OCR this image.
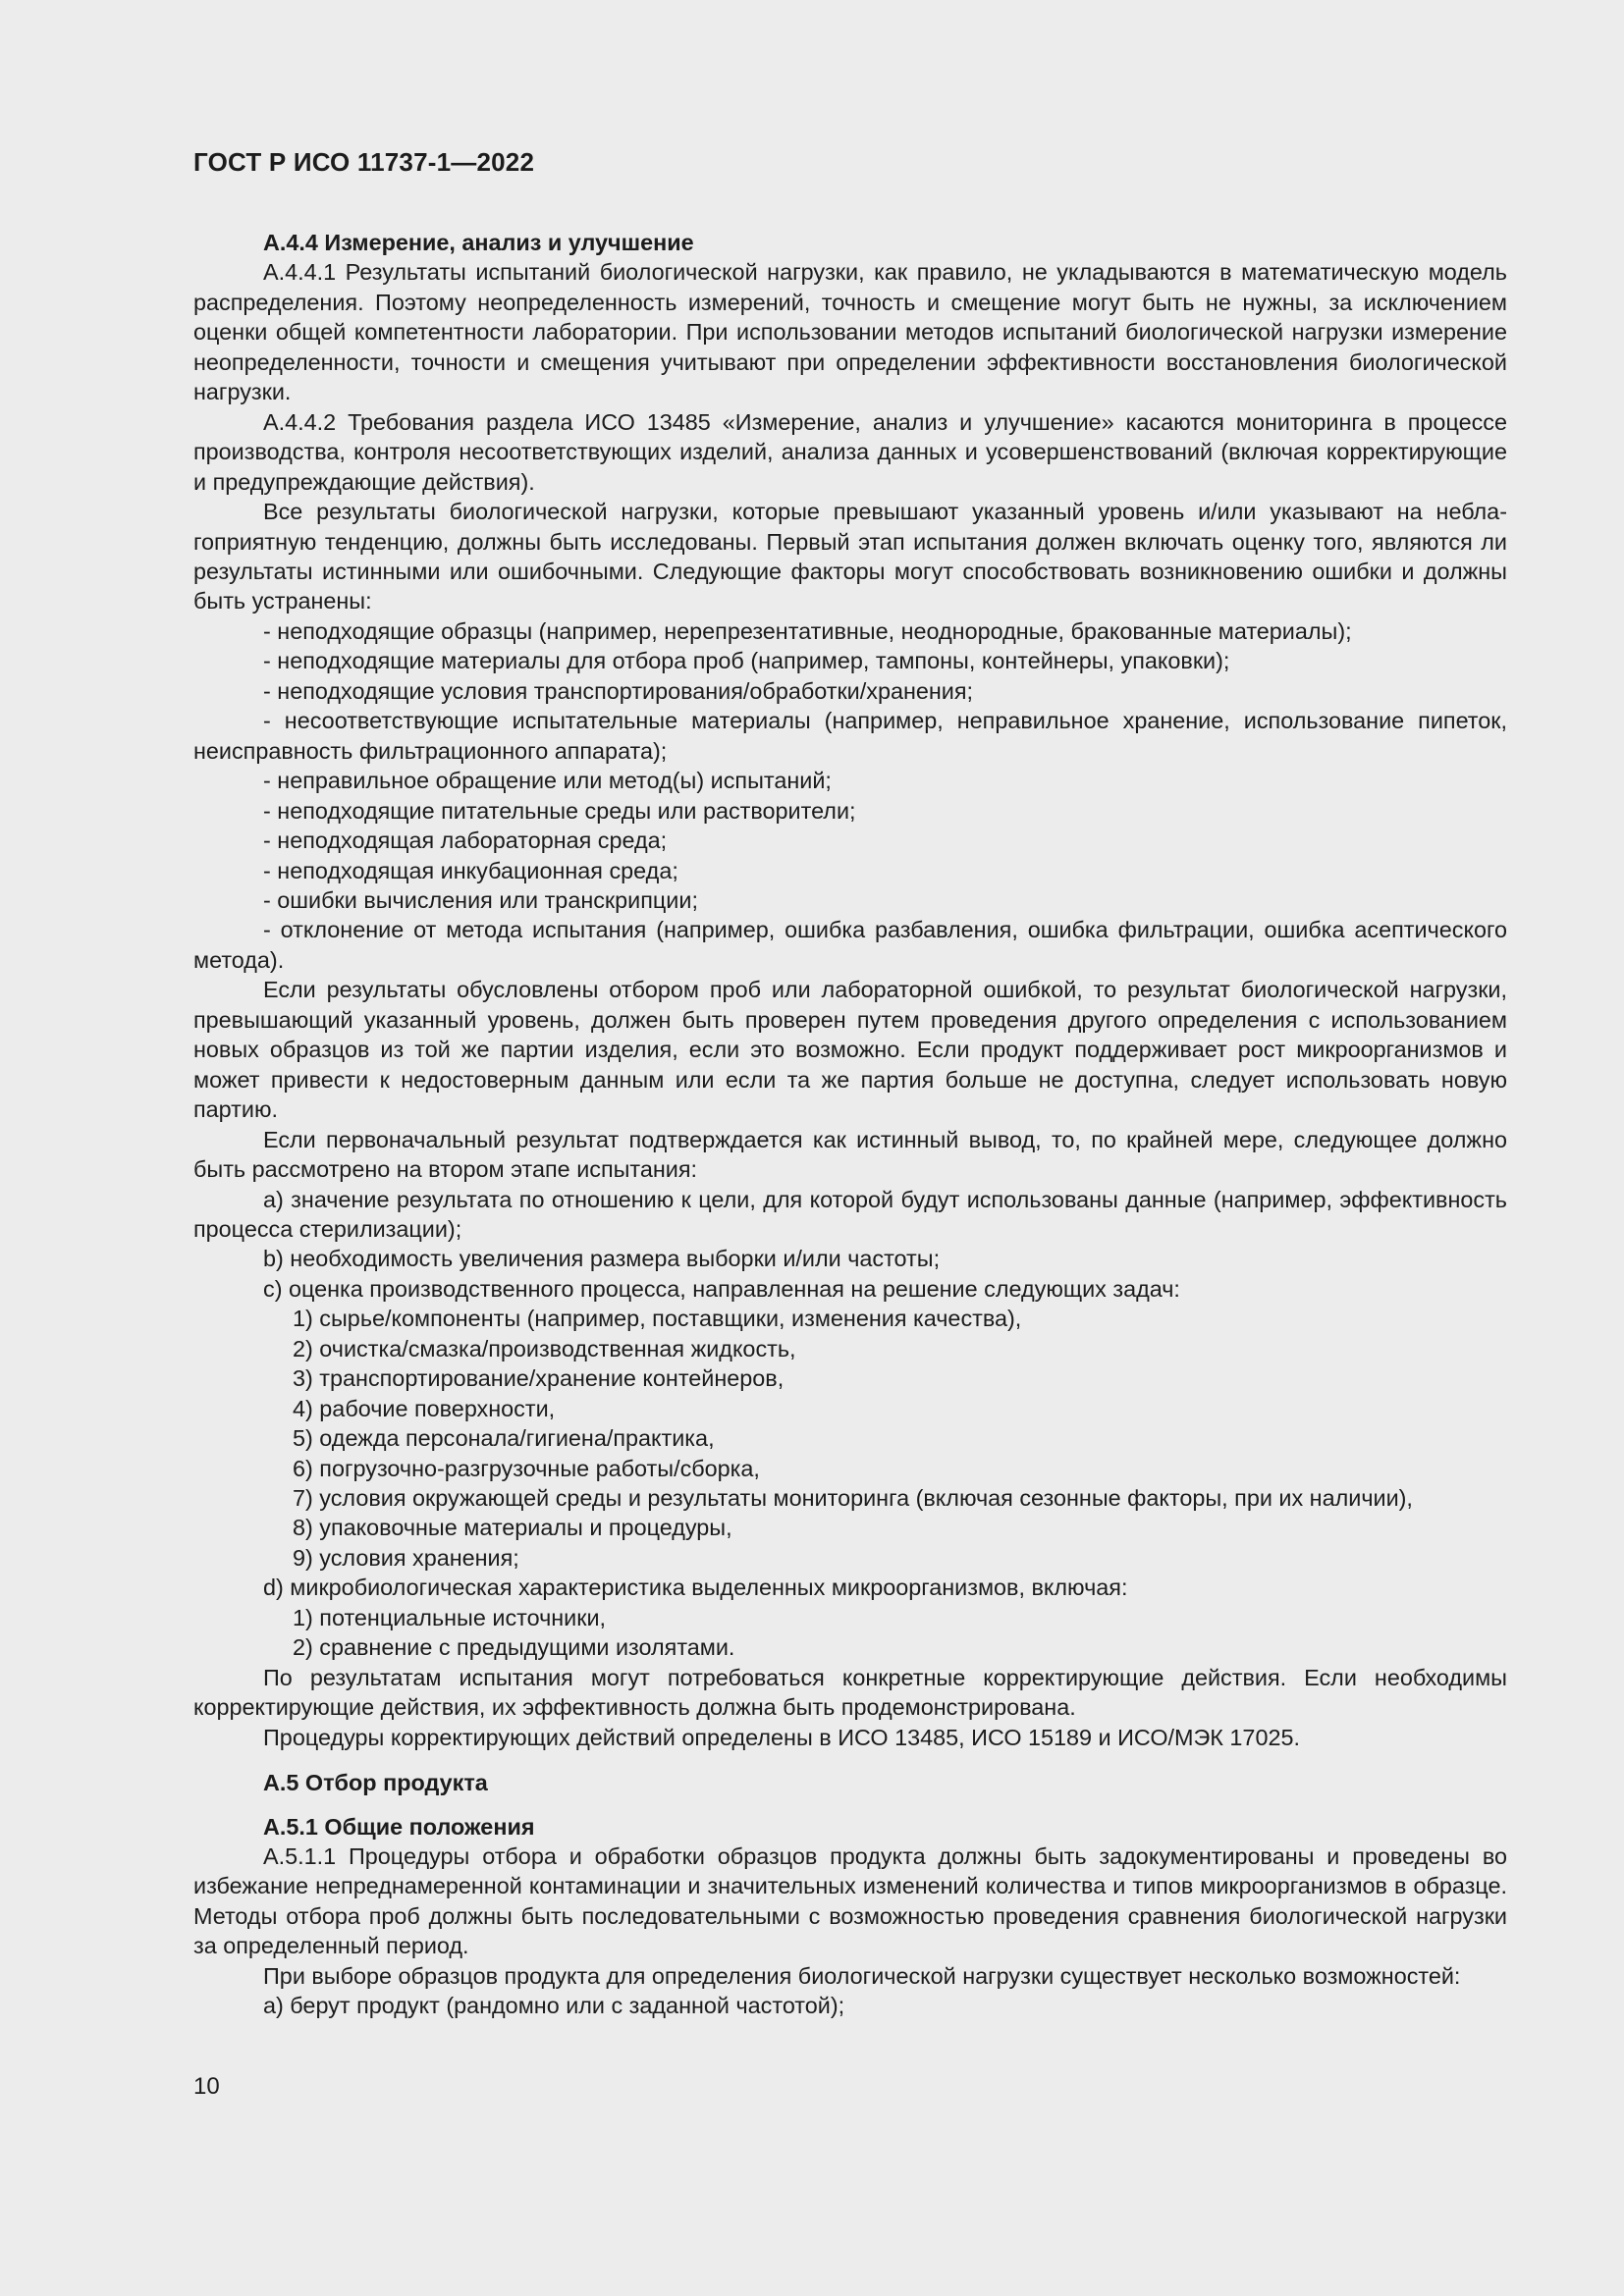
ГОСТ Р ИСО 11737-1—2022

А.4.4 Измерение, анализ и улучшение

А.4.4.1 Результаты испытаний биологической нагрузки, как правило, не укладываются в математическую модель распределения. Поэтому неопределенность измерений, точность и смещение могут быть не нужны, за исключением оценки общей компетентности лаборатории. При использовании методов испытаний биологической нагрузки измерение неопределенности, точности и смещения учитывают при определении эффективности восстановления биологической нагрузки.

А.4.4.2 Требования раздела ИСО 13485 «Измерение, анализ и улучшение» касаются мониторинга в процессе производства, контроля несоответствующих изделий, анализа данных и усовершенствований (включая корректирующие и предупреждающие действия).

Все результаты биологической нагрузки, которые превышают указанный уровень и/или указывают на неблагоприятную тенденцию, должны быть исследованы. Первый этап испытания должен включать оценку того, являются ли результаты истинными или ошибочными. Следующие факторы могут способствовать возникновению ошибки и должны быть устранены:

- неподходящие образцы (например, нерепрезентативные, неоднородные, бракованные материалы);

- неподходящие материалы для отбора проб (например, тампоны, контейнеры, упаковки);

- неподходящие условия транспортирования/обработки/хранения;

- несоответствующие испытательные материалы (например, неправильное хранение, использование пипеток, неисправность фильтрационного аппарата);

- неправильное обращение или метод(ы) испытаний;

- неподходящие питательные среды или растворители;

- неподходящая лабораторная среда;

- неподходящая инкубационная среда;

- ошибки вычисления или транскрипции;

- отклонение от метода испытания (например, ошибка разбавления, ошибка фильтрации, ошибка асептического метода).

Если результаты обусловлены отбором проб или лабораторной ошибкой, то результат биологической нагрузки, превышающий указанный уровень, должен быть проверен путем проведения другого определения с использованием новых образцов из той же партии изделия, если это возможно. Если продукт поддерживает рост микроорганизмов и может привести к недостоверным данным или если та же партия больше не доступна, следует использовать новую партию.

Если первоначальный результат подтверждается как истинный вывод, то, по крайней мере, следующее должно быть рассмотрено на втором этапе испытания:

a) значение результата по отношению к цели, для которой будут использованы данные (например, эффективность процесса стерилизации);

b) необходимость увеличения размера выборки и/или частоты;

c) оценка производственного процесса, направленная на решение следующих задач:

1) сырье/компоненты (например, поставщики, изменения качества),

2) очистка/смазка/производственная жидкость,

3) транспортирование/хранение контейнеров,

4) рабочие поверхности,

5) одежда персонала/гигиена/практика,

6) погрузочно-разгрузочные работы/сборка,

7) условия окружающей среды и результаты мониторинга (включая сезонные факторы, при их наличии),

8) упаковочные материалы и процедуры,

9) условия хранения;

d) микробиологическая характеристика выделенных микроорганизмов, включая:

1) потенциальные источники,

2) сравнение с предыдущими изолятами.

По результатам испытания могут потребоваться конкретные корректирующие действия. Если необходимы корректирующие действия, их эффективность должна быть продемонстрирована.

Процедуры корректирующих действий определены в ИСО 13485, ИСО 15189 и ИСО/МЭК 17025.

А.5 Отбор продукта

А.5.1 Общие положения

А.5.1.1 Процедуры отбора и обработки образцов продукта должны быть задокументированы и проведены во избежание непреднамеренной контаминации и значительных изменений количества и типов микроорганизмов в образце. Методы отбора проб должны быть последовательными с возможностью проведения сравнения биологической нагрузки за определенный период.

При выборе образцов продукта для определения биологической нагрузки существует несколько возможностей:

a) берут продукт (рандомно или с заданной частотой);

10
